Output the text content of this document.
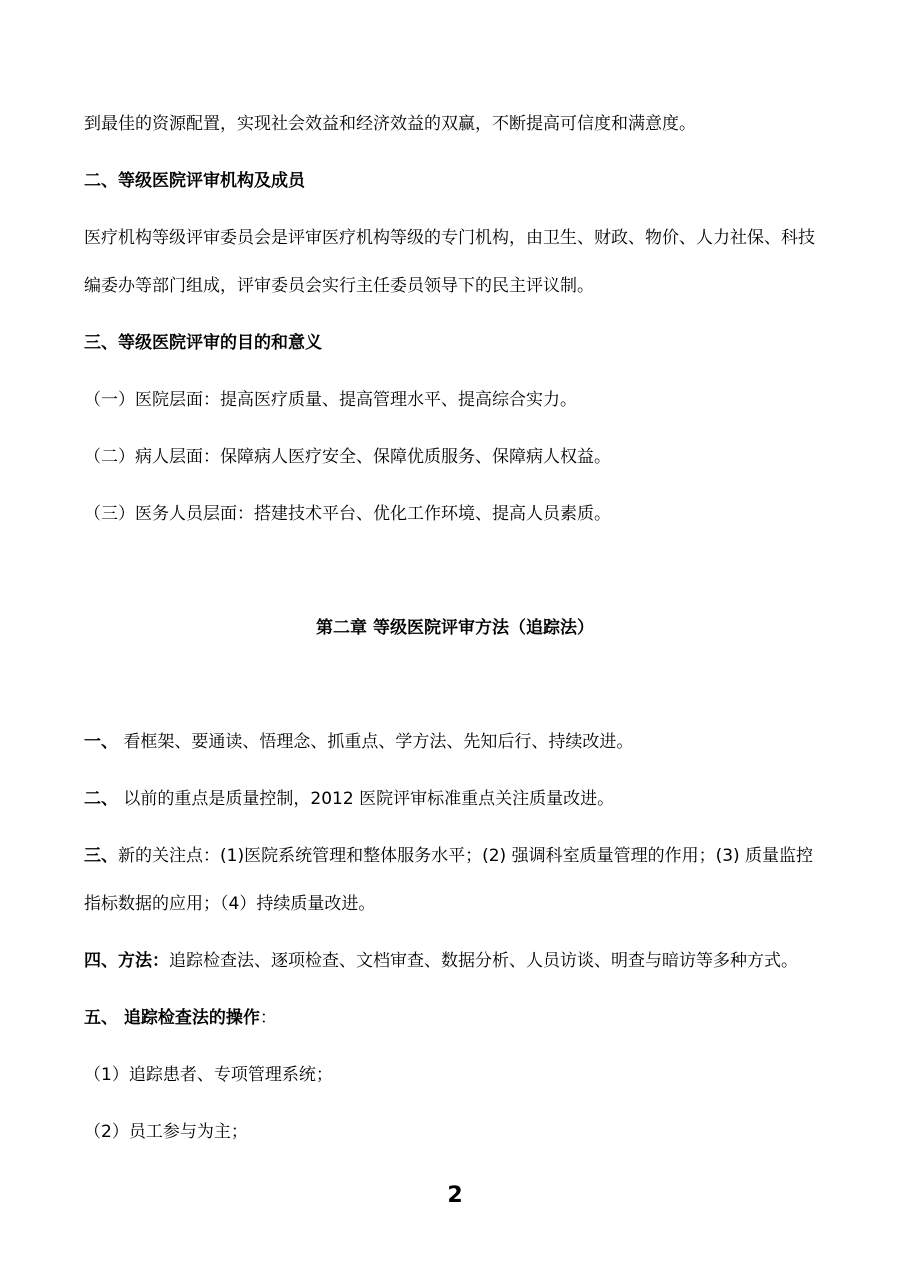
到最佳的资源配置，实现社会效益和经济效益的双赢，不断提高可信度和满意度。
二、等级医院评审机构及成员
医疗机构等级评审委员会是评审医疗机构等级的专门机构，由卫生、财政、物价、人力社保、科技
编委办等部门组成，评审委员会实行主任委员领导下的民主评议制。
三、等级医院评审的目的和意义
（一）医院层面：提高医疗质量、提高管理水平、提高综合实力。
（二）病人层面：保障病人医疗安全、保障优质服务、保障病人权益。
（三）医务人员层面：搭建技术平台、优化工作环境、提高人员素质。
第二章 等级医院评审方法（追踪法）
一、 看框架、要通读、悟理念、抓重点、学方法、先知后行、持续改进。
二、 以前的重点是质量控制，2012 医院评审标准重点关注质量改进。
三、新的关注点：(1)医院系统管理和整体服务水平；(2) 强调科室质量管理的作用；(3) 质量监控
指标数据的应用；（4）持续质量改进。
四、方法：追踪检查法、逐项检查、文档审查、数据分析、人员访谈、明查与暗访等多种方式。
五、 追踪检查法的操作：
（1）追踪患者、专项管理系统；
（2）员工参与为主；
2
